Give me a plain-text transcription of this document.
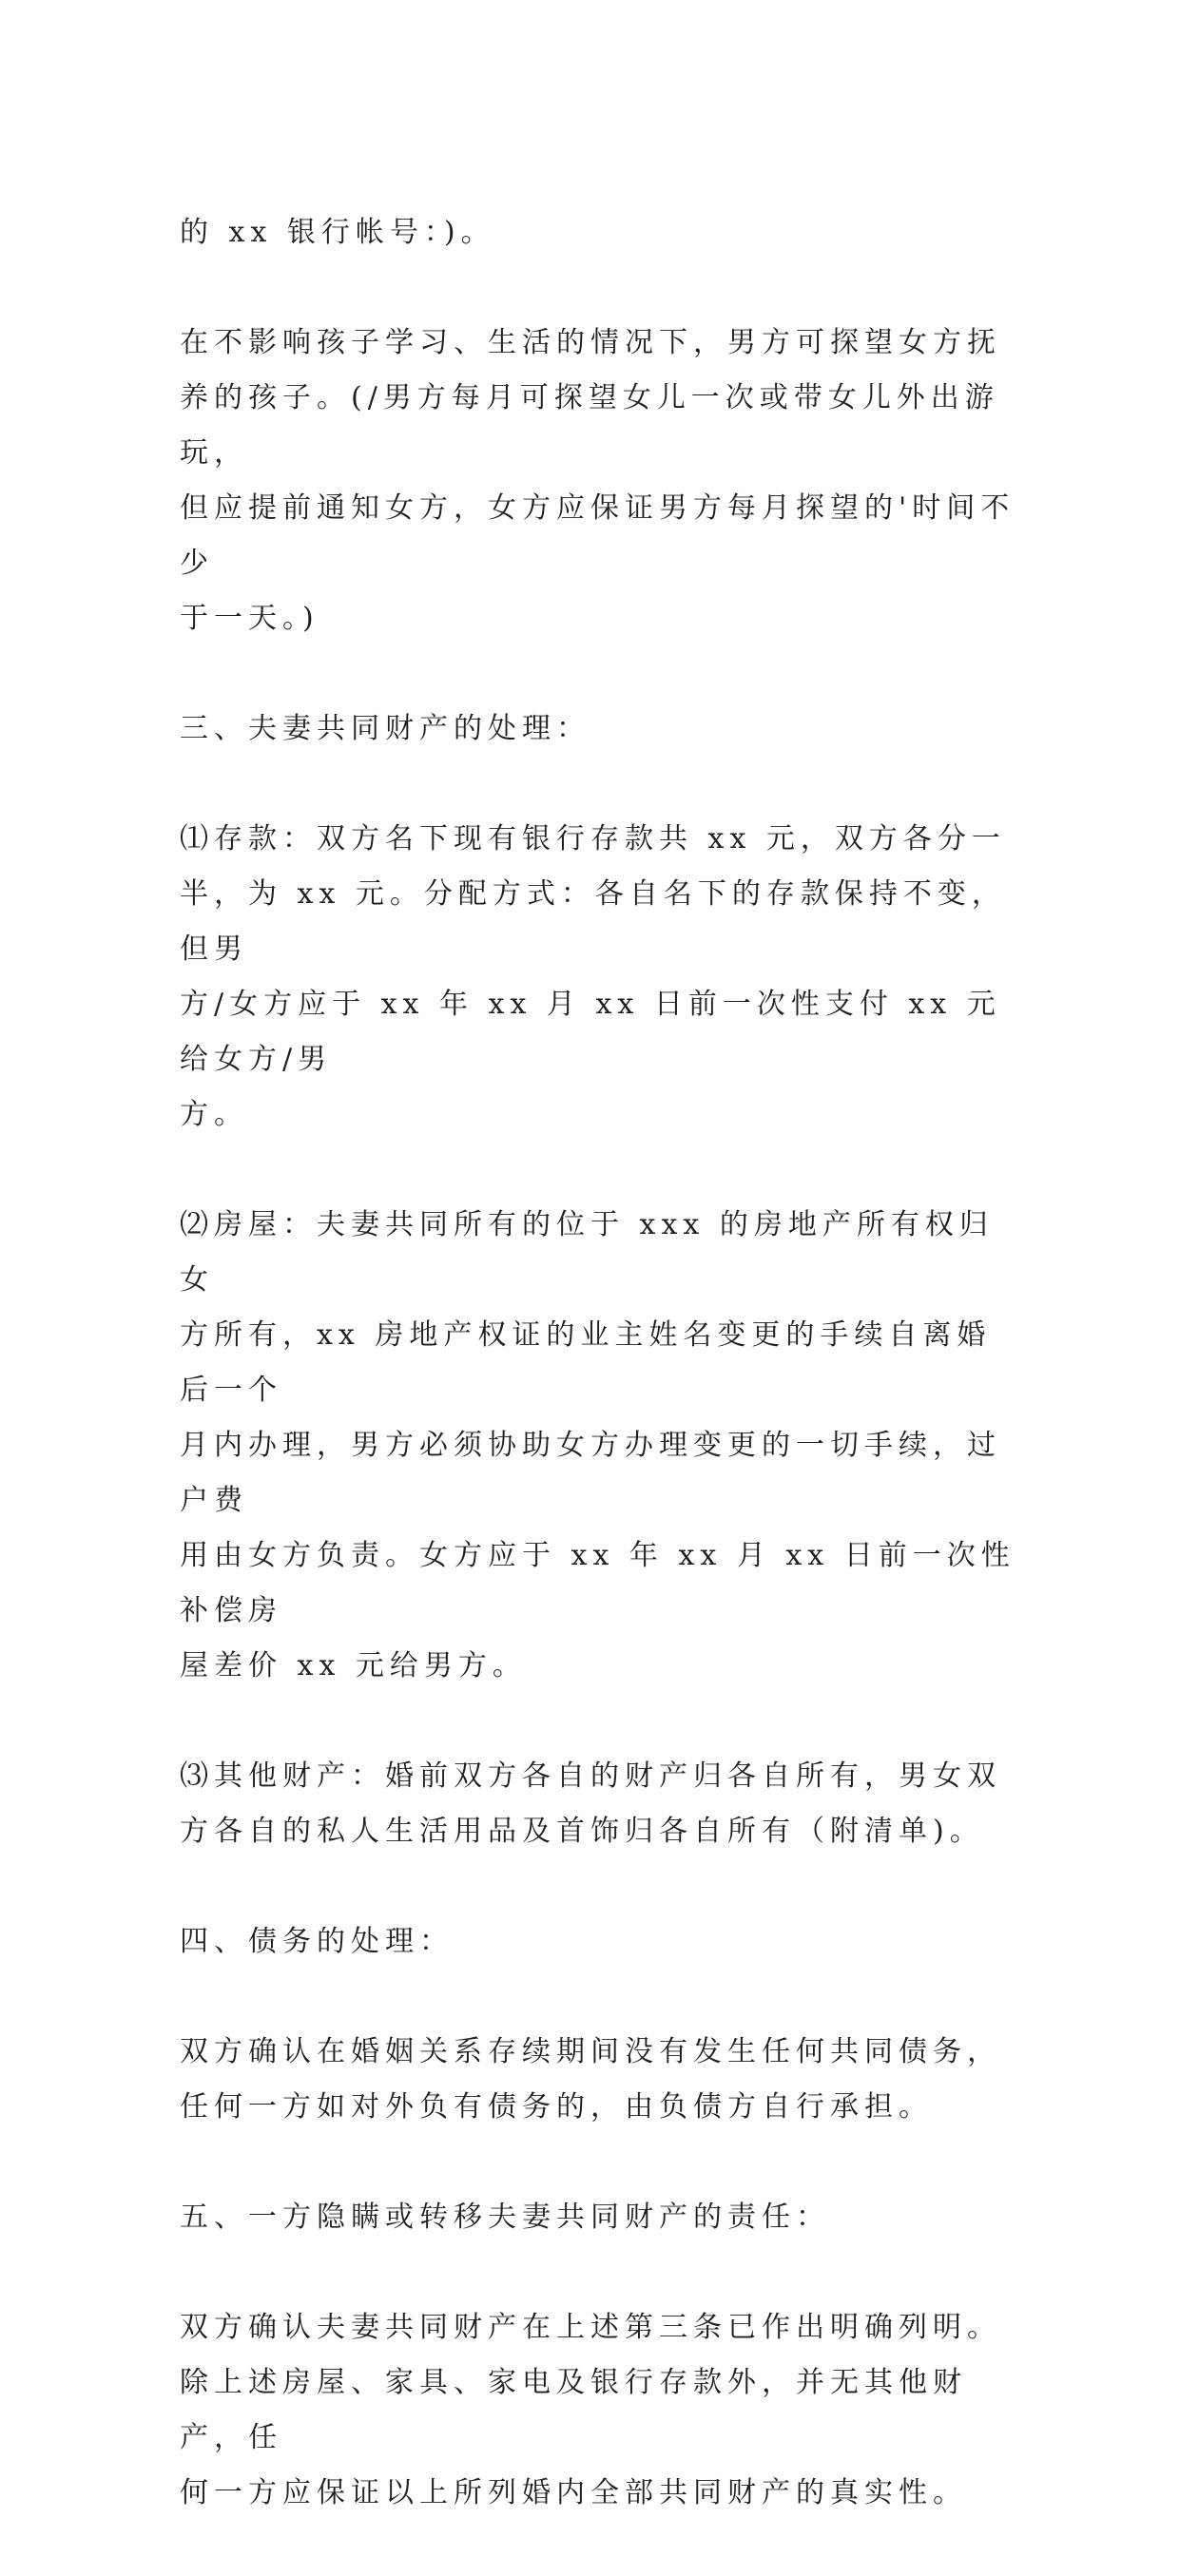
的 xx 银行帐号：)。

在不影响孩子学习、生活的情况下，男方可探望女方抚
养的孩子。(/男方每月可探望女儿一次或带女儿外出游玩，
但应提前通知女方，女方应保证男方每月探望的'时间不少
于一天。)

三、夫妻共同财产的处理：

⑴存款：双方名下现有银行存款共 xx 元，双方各分一
半，为 xx 元。分配方式：各自名下的存款保持不变，但男
方/女方应于 xx 年 xx 月 xx 日前一次性支付 xx 元给女方/男
方。

⑵房屋：夫妻共同所有的位于 xxx 的房地产所有权归女
方所有，xx 房地产权证的业主姓名变更的手续自离婚后一个
月内办理，男方必须协助女方办理变更的一切手续，过户费
用由女方负责。女方应于 xx 年 xx 月 xx 日前一次性补偿房
屋差价 xx 元给男方。

⑶其他财产：婚前双方各自的财产归各自所有，男女双
方各自的私人生活用品及首饰归各自所有（附清单)。

四、债务的处理：

双方确认在婚姻关系存续期间没有发生任何共同债务，
任何一方如对外负有债务的，由负债方自行承担。

五、一方隐瞒或转移夫妻共同财产的责任：

双方确认夫妻共同财产在上述第三条已作出明确列明。
除上述房屋、家具、家电及银行存款外，并无其他财产，任
何一方应保证以上所列婚内全部共同财产的真实性。
